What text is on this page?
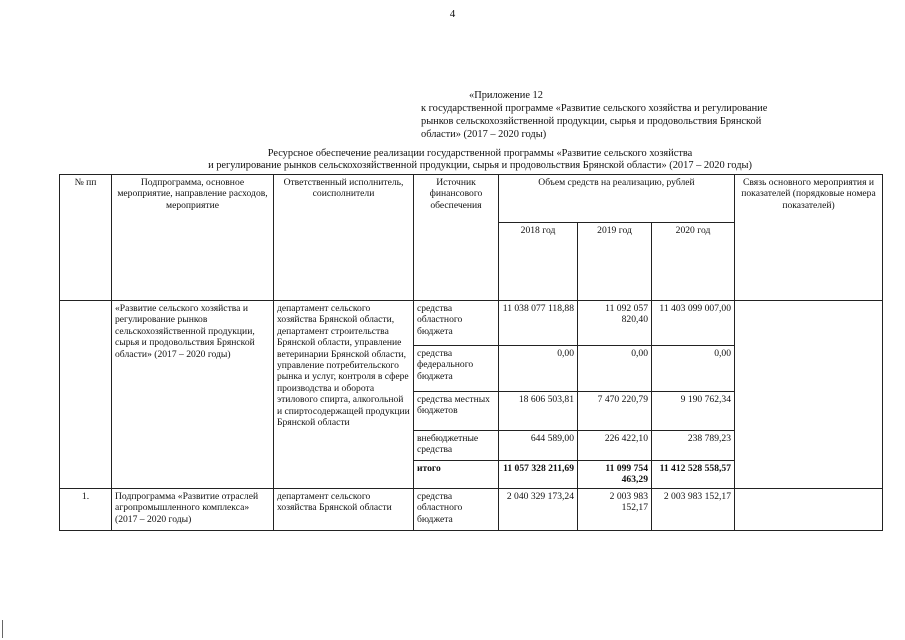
4
«Приложение 12
к государственной программе «Развитие сельского хозяйства и регулирование
рынков сельскохозяйственной продукции, сырья и продовольствия Брянской
области» (2017 – 2020 годы)
Ресурсное обеспечение реализации государственной программы «Развитие сельского хозяйства
и регулирование рынков сельскохозяйственной продукции, сырья и продовольствия Брянской области» (2017 – 2020 годы)
№ пп	Подпрограмма, основное мероприятие, направление расходов, мероприятие	Ответственный исполнитель, соисполнители	Источник финансового обеспечения	Объем средств на реализацию, рублей			Связь основного мероприятия и показателей (порядковые номера показателей)
				2018 год	2019 год	2020 год	
	«Развитие сельского хозяйства и регулирование рынков сельскохозяйственной продукции, сырья и продовольствия Брянской области» (2017 – 2020 годы)	департамент сельского хозяйства Брянской области, департамент строительства Брянской области, управление ветеринарии Брянской области, управление потребительского рынка и услуг, контроля в сфере производства и оборота этилового спирта, алкогольной и спиртосодержащей продукции Брянской области	средства областного бюджета	11 038 077 118,88	11 092 057 820,40	11 403 099 007,00	
			средства федерального бюджета	0,00	0,00	0,00	
			средства местных бюджетов	18 606 503,81	7 470 220,79	9 190 762,34	
			внебюджетные средства	644 589,00	226 422,10	238 789,23	
			итого	11 057 328 211,69	11 099 754 463,29	11 412 528 558,57	
1.	Подпрограмма «Развитие отраслей агропромышленного комплекса» (2017 – 2020 годы)	департамент сельского хозяйства Брянской области	средства областного бюджета	2 040 329 173,24	2 003 983 152,17	2 003 983 152,17	
